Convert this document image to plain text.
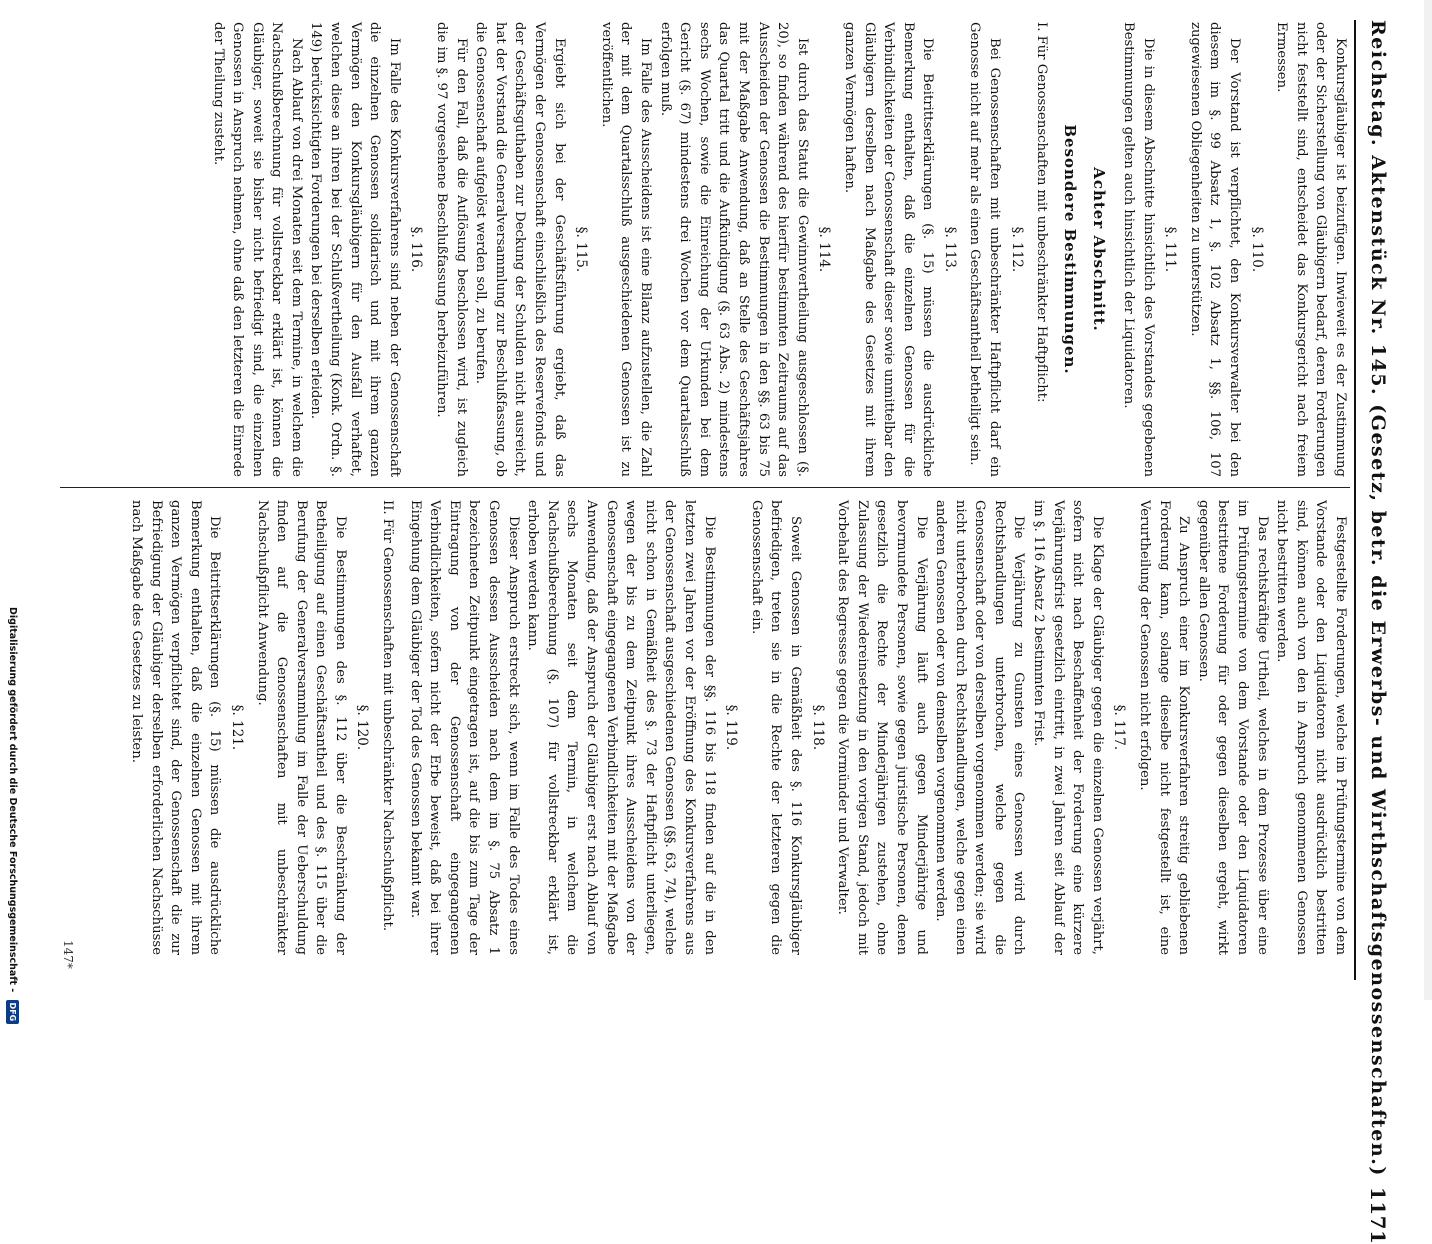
Reichstag. Aktenstück Nr. 145. (Gesetz, betr. die Erwerbs- und Wirthschaftsgenossenschaften.)
1171
Konkursgläubiger ist beizufügen. Inwieweit es der Zustimmung oder der Sicherstellung von Gläubigern bedarf, deren Forderungen nicht feststellt sind, entscheidet das Konkursgericht nach freiem Ermessen.
§. 110.
Der Vorstand ist verpflichtet, den Konkursverwalter bei den diesem im §. 99 Absatz 1, §. 102 Absatz 1, §§. 106, 107 zugewiesenen Obliegenheiten zu unterstützen.
§. 111.
Die in diesem Abschnitte hinsichtlich des Vorstandes gegebenen Bestimmungen gelten auch hinsichtlich der Liquidatoren.
Achter Abschnitt.
Besondere Bestimmungen.
I. Für Genossenschaften mit unbeschränkter Haftpflicht:
§. 112.
Bei Genossenschaften mit unbeschränkter Haftpflicht darf ein Genosse nicht auf mehr als einen Geschäftsantheil betheiligt sein.
§. 113.
Die Beitrittserklärungen (§. 15) müssen die ausdrückliche Bemerkung enthalten, daß die einzelnen Genossen für die Verbindlichkeiten der Genossenschaft dieser sowie unmittelbar den Gläubigern derselben nach Maßgabe des Gesetzes mit ihrem ganzen Vermögen haften.
§. 114.
Ist durch das Statut die Gewinnvertheilung ausgeschlossen (§. 20), so finden während des hierfür bestimmten Zeitraums auf das Ausscheiden der Genossen die Bestimmungen in den §§. 63 bis 75 mit der Maßgabe Anwendung, daß an Stelle des Geschäftsjahres das Quartal tritt und die Aufkündigung (§. 63 Abs. 2) mindestens sechs Wochen, sowie die Einreichung der Urkunden bei dem Gericht (§. 67) mindestens drei Wochen vor dem Quartalsschluß erfolgen muß.
Im Falle des Ausscheidens ist eine Bilanz aufzustellen, die Zahl der mit dem Quartalsschluß ausgeschiedenen Genossen ist zu veröffentlichen.
§. 115.
Ergiebt sich bei der Geschäftsführung ergiebt, daß das Vermögen der Genossenschaft einschließlich des Reservefonds und der Geschäftsguthaben zur Deckung der Schulden nicht ausreicht, hat der Vorstand die Generalversammlung zur Beschlußfassung, ob die Genossenschaft aufgelöst werden soll, zu berufen.
Für den Fall, daß die Auflösung beschlossen wird, ist zugleich die im §. 97 vorgesehene Beschlußfassung herbeizuführen.
§. 116.
Im Falle des Konkursverfahrens sind neben der Genossenschaft die einzelnen Genossen solidarisch und mit ihrem ganzen Vermögen den Konkursgläubigern für den Ausfall verhaftet, welchen diese an ihren bei der Schlußvertheilung (Konk. Ordn. §. 149) berücksichtigten Forderungen bei derselben erleiden.
Nach Ablauf von drei Monaten seit dem Termine, in welchem die Nachschußberechnung für vollstreckbar erklärt ist, können die Gläubiger, soweit sie bisher nicht befriedigt sind, die einzelnen Genossen in Anspruch nehmen, ohne daß den letzteren die Einrede der Theilung zusteht.
Festgestellte Forderungen, welche im Prüfungstermine von dem Vorstande oder den Liquidatoren nicht ausdrücklich bestritten sind, können auch von den in Anspruch genommenen Genossen nicht bestritten werden.
Das rechtskräftige Urtheil, welches in dem Prozesse über eine im Prüfungstermine von dem Vorstande oder den Liquidatoren bestrittene Forderung für oder gegen dieselben ergeht, wirkt gegenüber allen Genossen.
Zu Anspruch einer im Konkursverfahren streitig gebliebenen Forderung kann, solange dieselbe nicht festgestellt ist, eine Verurtheilung der Genossen nicht erfolgen.
§. 117.
Die Klage der Gläubiger gegen die einzelnen Genossen verjährt, sofern nicht nach Beschaffenheit der Forderung eine kürzere Verjährungsfrist gesetzlich eintritt, in zwei Jahren seit Ablauf der im §. 116 Absatz 2 bestimmten Frist.
Die Verjährung zu Gunsten eines Genossen wird durch Rechtshandlungen unterbrochen, welche gegen die Genossenschaft oder von derselben vorgenommen werden; sie wird nicht unterbrochen durch Rechtshandlungen, welche gegen einen anderen Genossen oder von demselben vorgenommen werden.
Die Verjährung läuft auch gegen Minderjährige und bevormundete Personen, sowie gegen juristische Personen, denen gesetzlich die Rechte der Minderjährigen zustehen, ohne Zulassung der Wiedereinsetzung in den vorigen Stand, jedoch mit Vorbehalt des Regresses gegen die Vormünder und Verwalter.
§. 118.
Soweit Genossen in Gemäßheit des §. 116 Konkursgläubiger befriedigen, treten sie in die Rechte der letzteren gegen die Genossenschaft ein.
§. 119.
Die Bestimmungen der §§. 116 bis 118 finden auf die in den letzten zwei Jahren vor der Eröffnung des Konkursverfahrens aus der Genossenschaft ausgeschiedenen Genossen (§§. 63, 74), welche nicht schon in Gemäßheit des §. 73 der Haftpflicht unterliegen, wegen der bis zu dem Zeitpunkt ihres Ausscheidens von der Genossenschaft eingegangenen Verbindlichkeiten mit der Maßgabe Anwendung, daß der Anspruch der Gläubiger erst nach Ablauf von sechs Monaten seit dem Termin, in welchem die Nachschußberechnung (§. 107) für vollstreckbar erklärt ist, erhoben werden kann.
Dieser Anspruch erstreckt sich, wenn im Falle des Todes eines Genossen dessen Ausscheiden nach dem im §. 75 Absatz 1 bezeichneten Zeitpunkt eingetragen ist, auf die bis zum Tage der Eintragung von der Genossenschaft eingegangenen Verbindlichkeiten, sofern nicht der Erbe beweist, daß bei ihrer Eingehung dem Gläubiger der Tod des Genossen bekannt war.
II. Für Genossenschaften mit unbeschränkter Nachschußpflicht.
§. 120.
Die Bestimmungen des §. 112 über die Beschränkung der Betheiligung auf einen Geschäftsantheil und des §. 115 über die Berufung der Generalversammlung im Falle der Ueberschuldung finden auf die Genossenschaften mit unbeschränkter Nachschußpflicht Anwendung.
§. 121.
Die Beitrittserklärungen (§. 15) müssen die ausdrückliche Bemerkung enthalten, daß die einzelnen Genossen mit ihrem ganzen Vermögen verpflichtet sind, der Genossenschaft die zur Befriedigung der Gläubiger derselben erforderlichen Nachschüsse nach Maßgabe des Gesetzes zu leisten.
147*
Digitalisierung gefördert durch die Deutsche Forschungsgemeinschaft - DFG
